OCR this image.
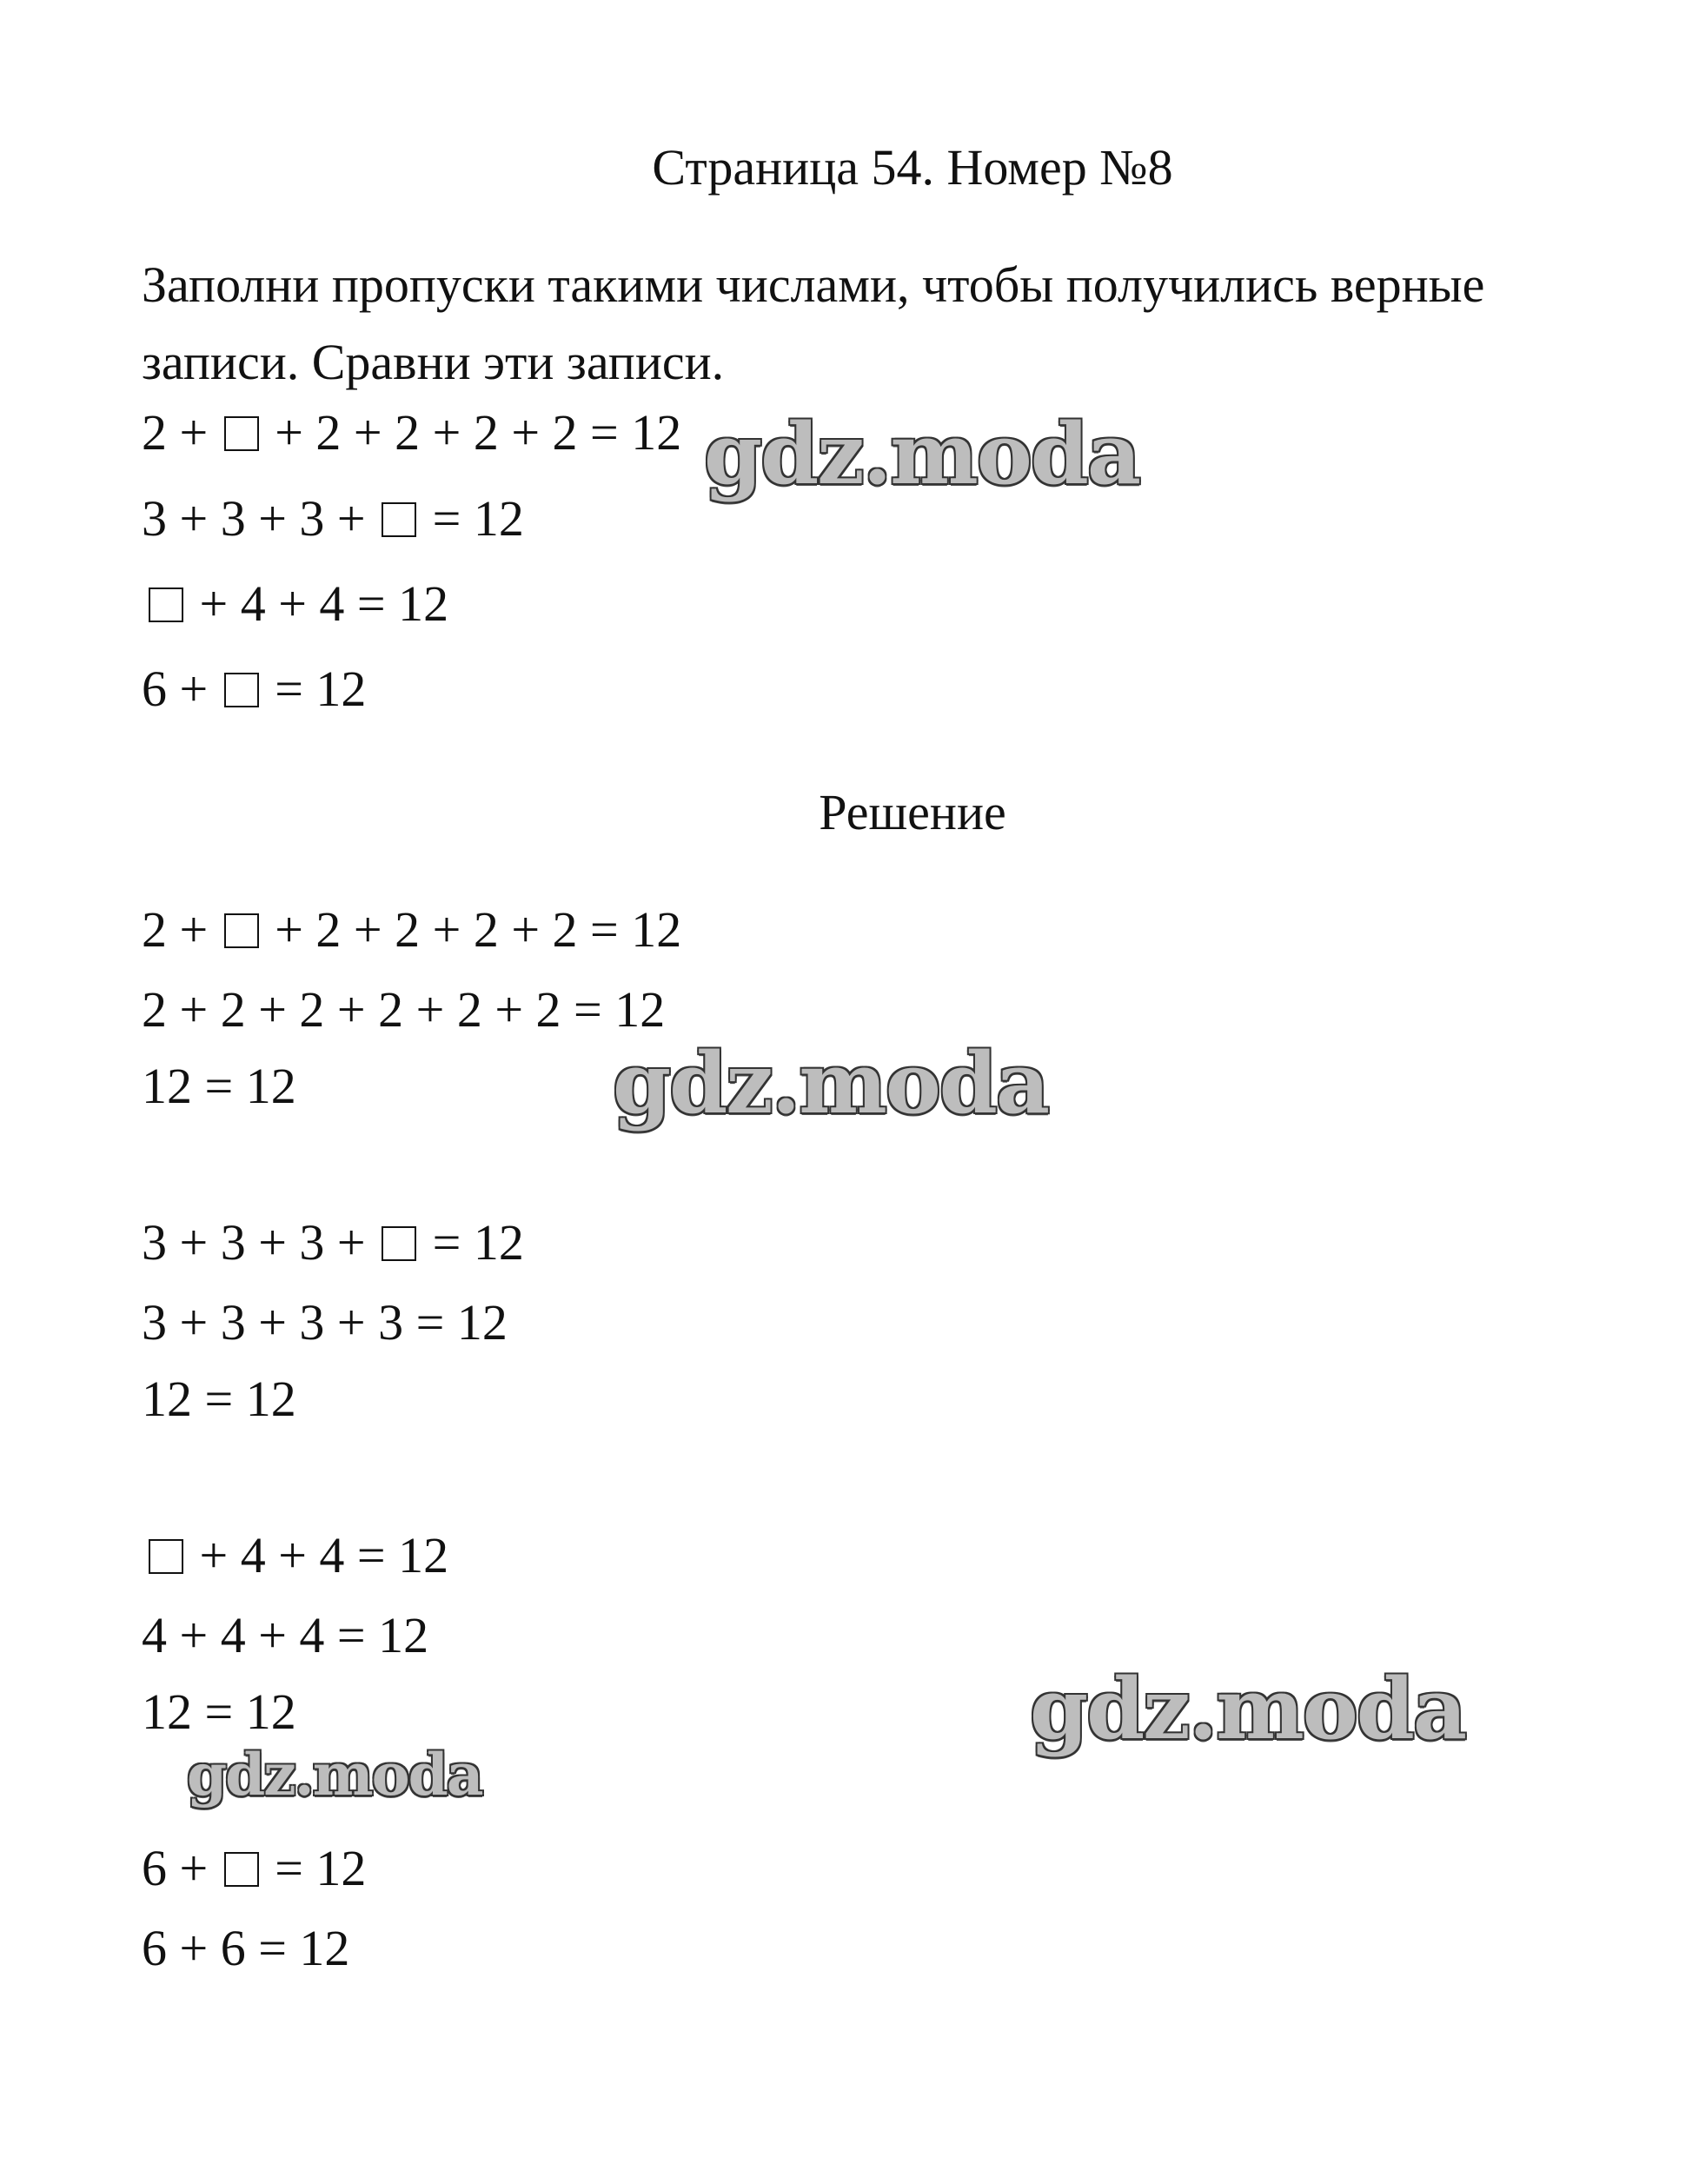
Страница 54. Номер №8
Заполни пропуски такими числами, чтобы получились верные записи. Сравни эти записи.
2 + + 2 + 2 + 2 + 2 = 12
3 + 3 + 3 + = 12
+ 4 + 4 = 12
6 + = 12
Решение
2 + + 2 + 2 + 2 + 2 = 12
2 + 2 + 2 + 2 + 2 + 2 = 12
12 = 12
3 + 3 + 3 + = 12
3 + 3 + 3 + 3 = 12
12 = 12
+ 4 + 4 = 12
4 + 4 + 4 = 12
12 = 12
6 + = 12
6 + 6 = 12
gdz.moda
gdz.moda
gdz.moda
gdz.moda
